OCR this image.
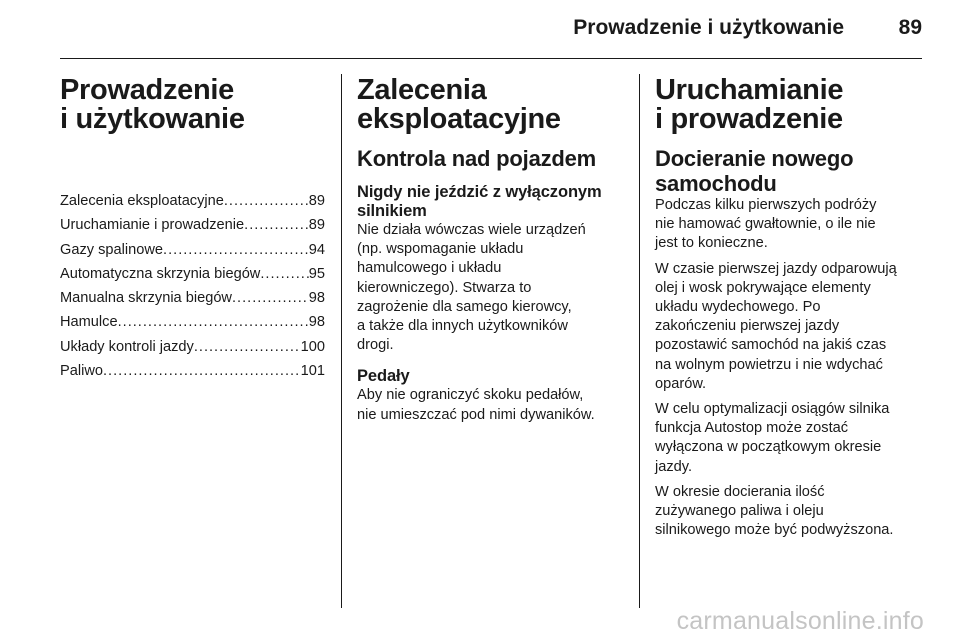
Prowadzenie i użytkowanie	89
Prowadzenie
i użytkowanie
Zalecenia eksploatacyjne .....	89
Uruchamianie i prowadzenie .....	89
Gazy spalinowe .....	94
Automatyczna skrzynia biegów .....	95
Manualna skrzynia biegów .....	98
Hamulce .....	98
Układy kontroli jazdy .....	100
Paliwo .....	101
Zalecenia
eksploatacyjne
Kontrola nad pojazdem
Nigdy nie jeździć z wyłączonym
silnikiem

Nie działa wówczas wiele urządzeń
(np. wspomaganie układu
hamulcowego i układu
kierowniczego). Stwarza to
zagrożenie dla samego kierowcy,
a także dla innych użytkowników
drogi.

Pedały

Aby nie ograniczyć skoku pedałów,
nie umieszczać pod nimi dywaników.

Uruchamianie
i prowadzenie
Docieranie nowego
samochodu

Podczas kilku pierwszych podróży
nie hamować gwałtownie, o ile nie
jest to konieczne.

W czasie pierwszej jazdy odparowują
olej i wosk pokrywające elementy
układu wydechowego. Po
zakończeniu pierwszej jazdy
pozostawić samochód na jakiś czas
na wolnym powietrzu i nie wdychać
oparów.

W celu optymalizacji osiągów silnika
funkcja Autostop może zostać
wyłączona w początkowym okresie
jazdy.

W okresie docierania ilość
zużywanego paliwa i oleju
silnikowego może być podwyższona.

carmanualsonline.info
